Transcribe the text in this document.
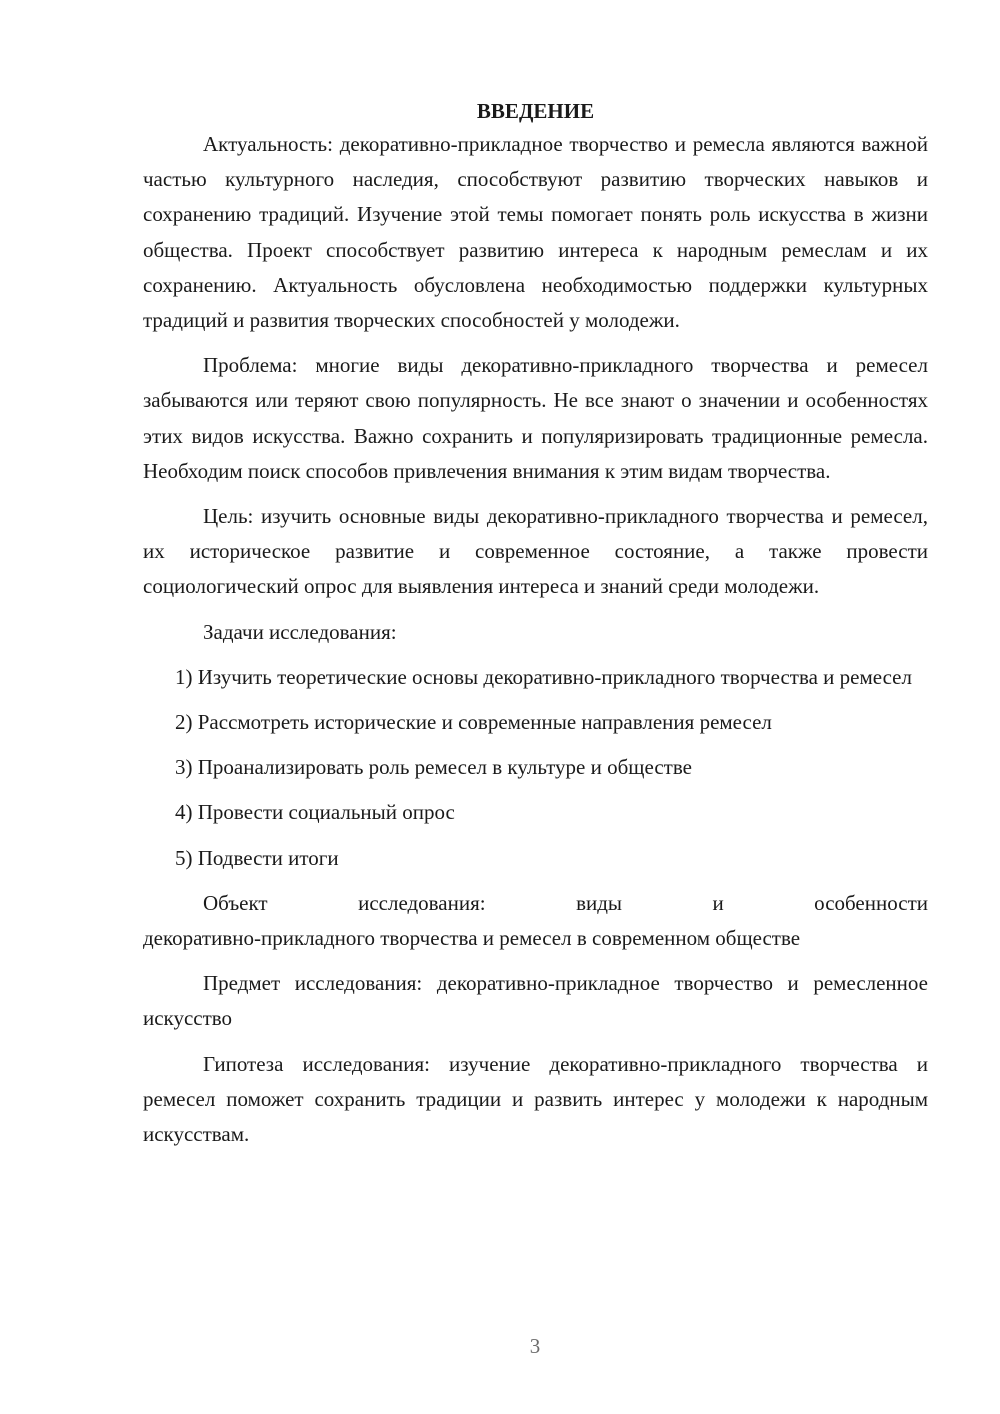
ВВЕДЕНИЕ

Актуальность: декоративно-прикладное творчество и ремесла являются важной частью культурного наследия, способствуют развитию творческих навыков и сохранению традиций. Изучение этой темы помогает понять роль искусства в жизни общества. Проект способствует развитию интереса к народным ремеслам и их сохранению. Актуальность обусловлена необходимостью поддержки культурных традиций и развития творческих способностей у молодежи.

Проблема: многие виды декоративно-прикладного творчества и ремесел забываются или теряют свою популярность. Не все знают о значении и особенностях этих видов искусства. Важно сохранить и популяризировать традиционные ремесла. Необходим поиск способов привлечения внимания к этим видам творчества.

Цель: изучить основные виды декоративно-прикладного творчества и ремесел, их историческое развитие и современное состояние, а также провести социологический опрос для выявления интереса и знаний среди молодежи.

Задачи исследования:

1) Изучить теоретические основы декоративно-прикладного творчества и ремесел

2) Рассмотреть исторические и современные направления ремесел

3) Проанализировать роль ремесел в культуре и обществе

4) Провести социальный опрос

5) Подвести итоги

Объект	исследования:	виды	и	особенности

декоративно-прикладного творчества и ремесел в современном обществе

Предмет исследования: декоративно-прикладное творчество и ремесленное искусство

Гипотеза исследования: изучение декоративно-прикладного творчества и ремесел поможет сохранить традиции и развить интерес у молодежи к народным искусствам.

3
